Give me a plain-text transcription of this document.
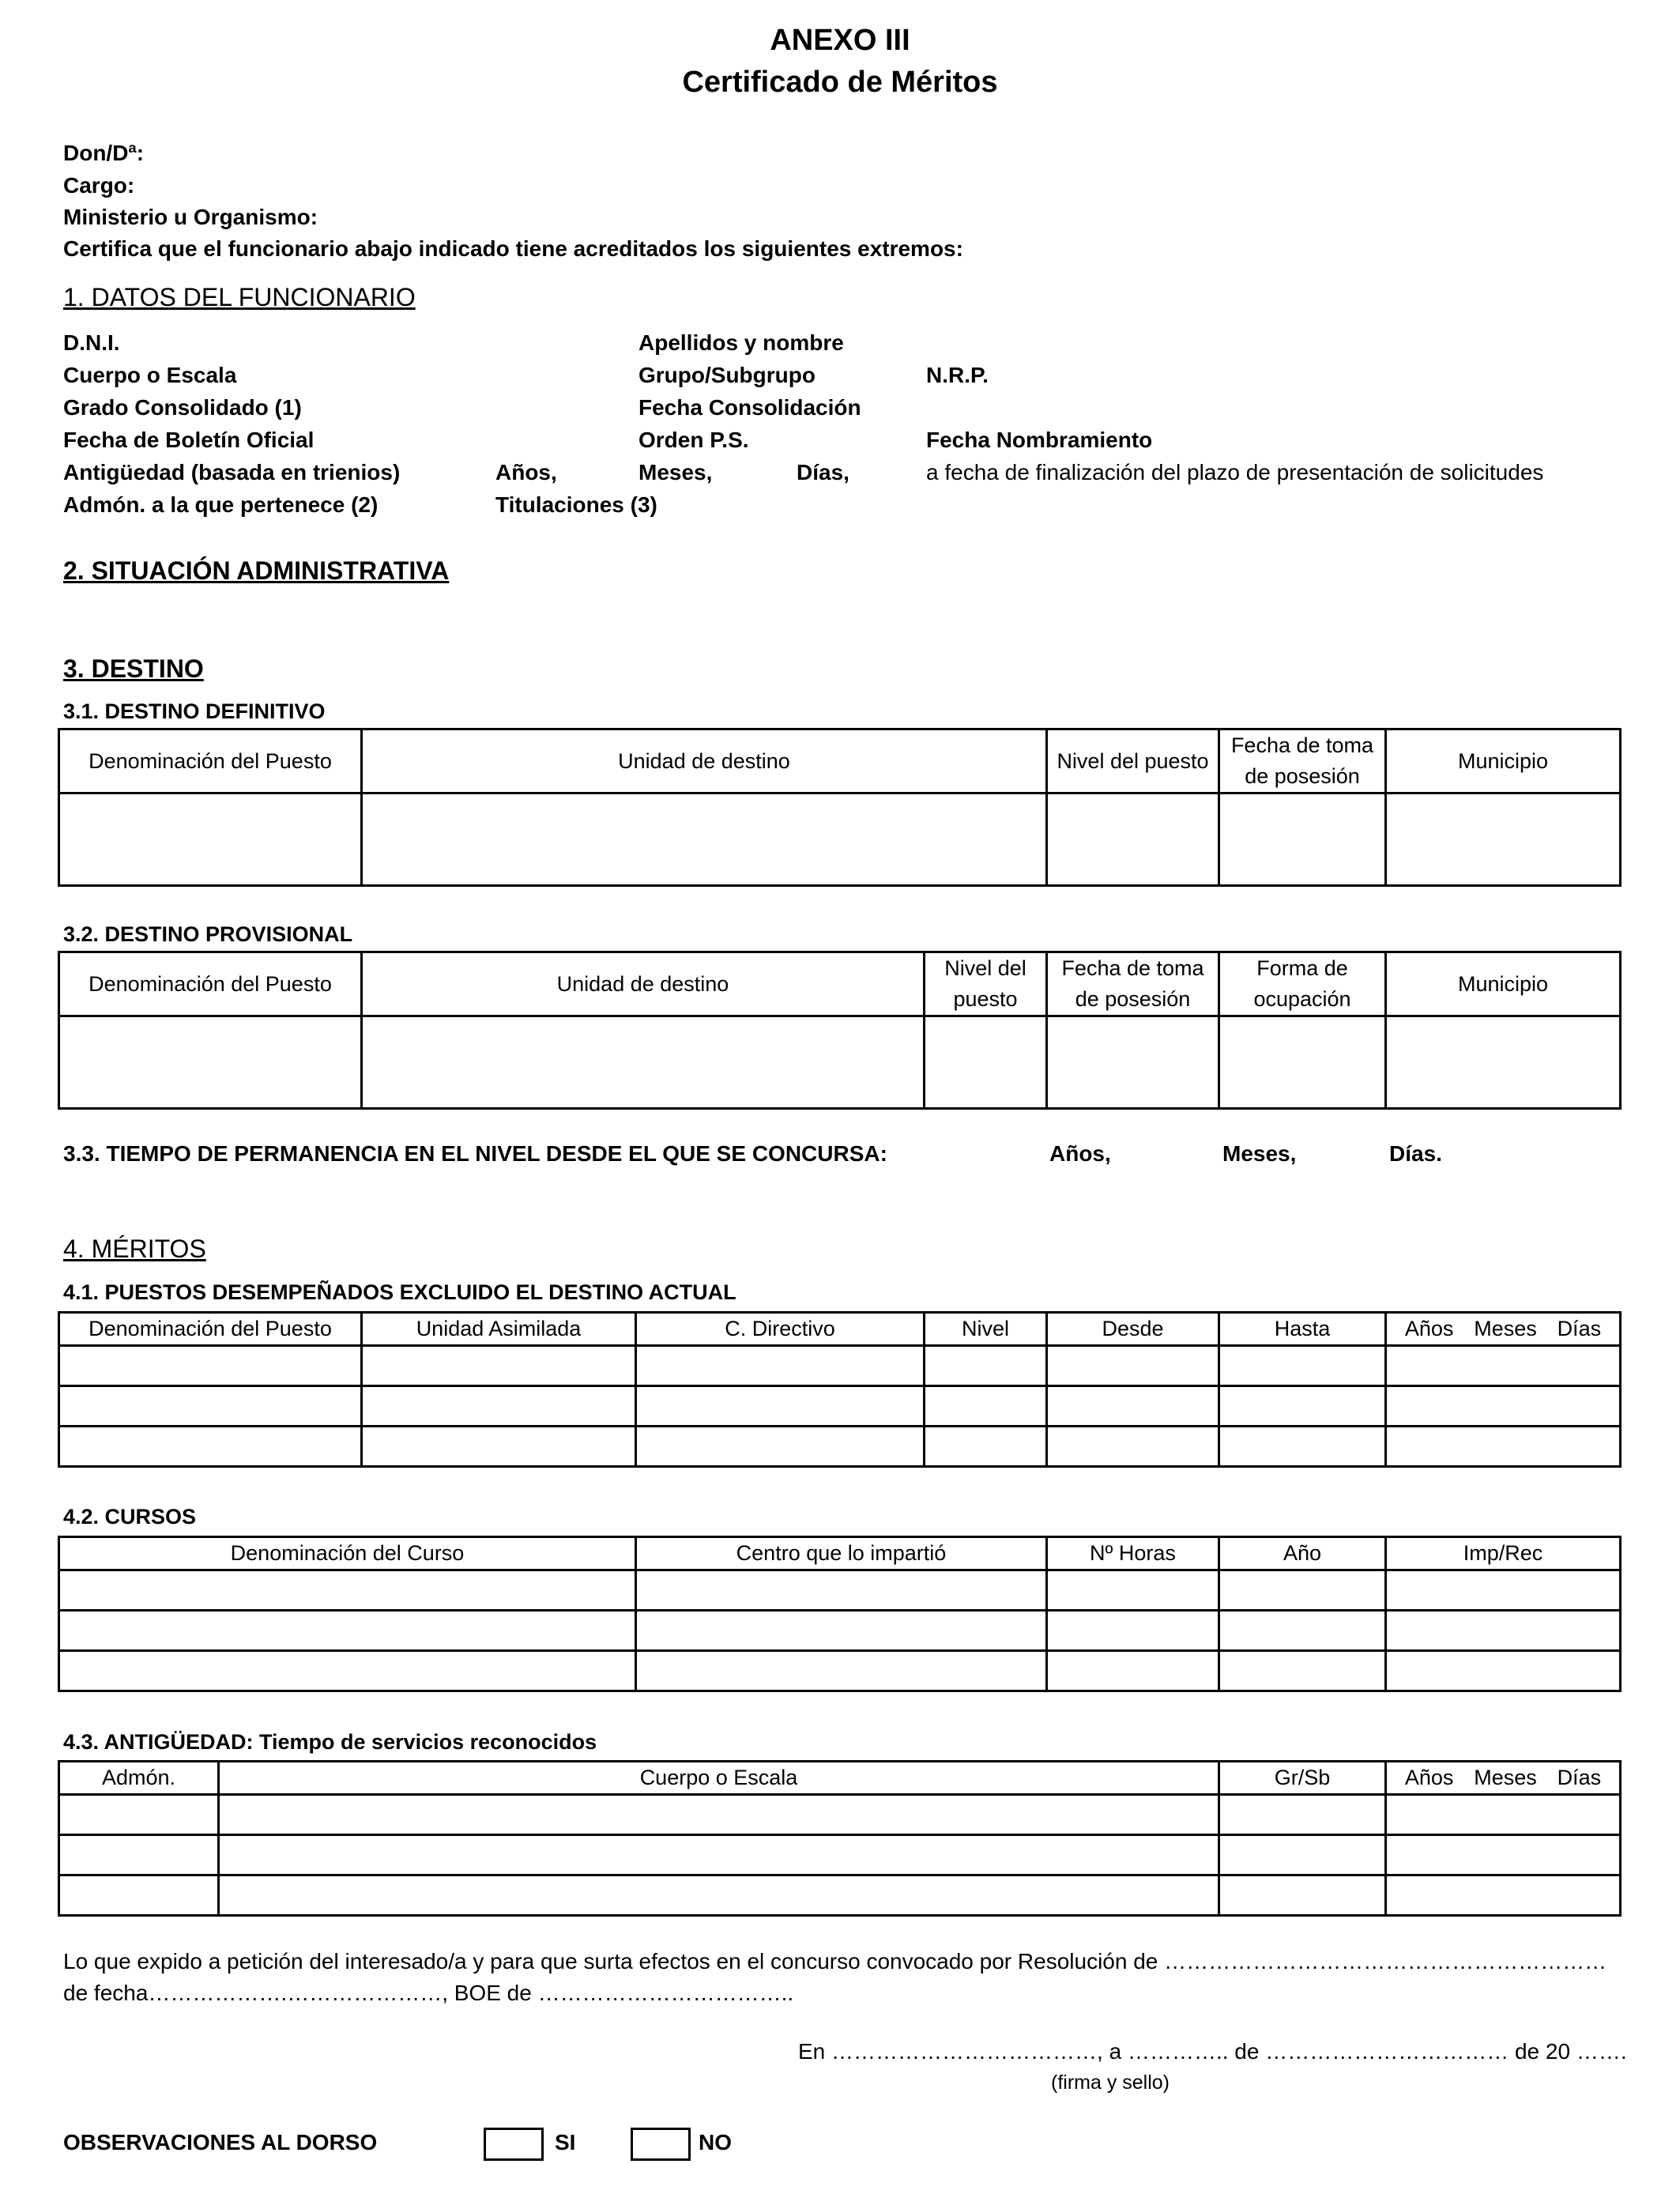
ANEXO III
Certificado de Méritos
Don/Dª:
Cargo:
Ministerio u Organismo:
Certifica que el funcionario abajo indicado tiene acreditados los siguientes extremos:
1. DATOS DEL FUNCIONARIO
D.N.I.	Apellidos y nombre
Cuerpo o Escala	Grupo/Subgrupo	N.R.P.
Grado Consolidado (1)	Fecha Consolidación
Fecha de Boletín Oficial	Orden P.S.	Fecha Nombramiento
Antigüedad (basada en trienios)	Años,	Meses,	Días,	a fecha de finalización del plazo de presentación de solicitudes
Admón. a la que pertenece (2)	Titulaciones (3)
2. SITUACIÓN ADMINISTRATIVA
3. DESTINO
3.1. DESTINO DEFINITIVO
Denominación del Puesto	Unidad de destino	Nivel del puesto	Fecha de toma de posesión	Municipio

3.2. DESTINO PROVISIONAL
Denominación del Puesto	Unidad de destino	Nivel del puesto	Fecha de toma de posesión	Forma de ocupación	Municipio

3.3. TIEMPO DE PERMANENCIA EN EL NIVEL DESDE EL QUE SE CONCURSA:	Años,	Meses,	Días.
4. MÉRITOS
4.1. PUESTOS DESEMPEÑADOS EXCLUIDO EL DESTINO ACTUAL
Denominación del Puesto	Unidad Asimilada	C. Directivo	Nivel	Desde	Hasta	Años Meses Días

4.2. CURSOS
Denominación del Curso	Centro que lo impartió	Nº Horas	Año	Imp/Rec

4.3. ANTIGÜEDAD: Tiempo de servicios reconocidos
Admón.	Cuerpo o Escala	Gr/Sb	Años Meses Días

Lo que expido a petición del interesado/a y para que surta efectos en el concurso convocado por Resolución de ……………………………………………………
de fecha……………….…………………, BOE de ……………………………..
En ………………………………, a ………….. de …………………………… de 20 …….
(firma y sello)
OBSERVACIONES AL DORSO	SI	NO
